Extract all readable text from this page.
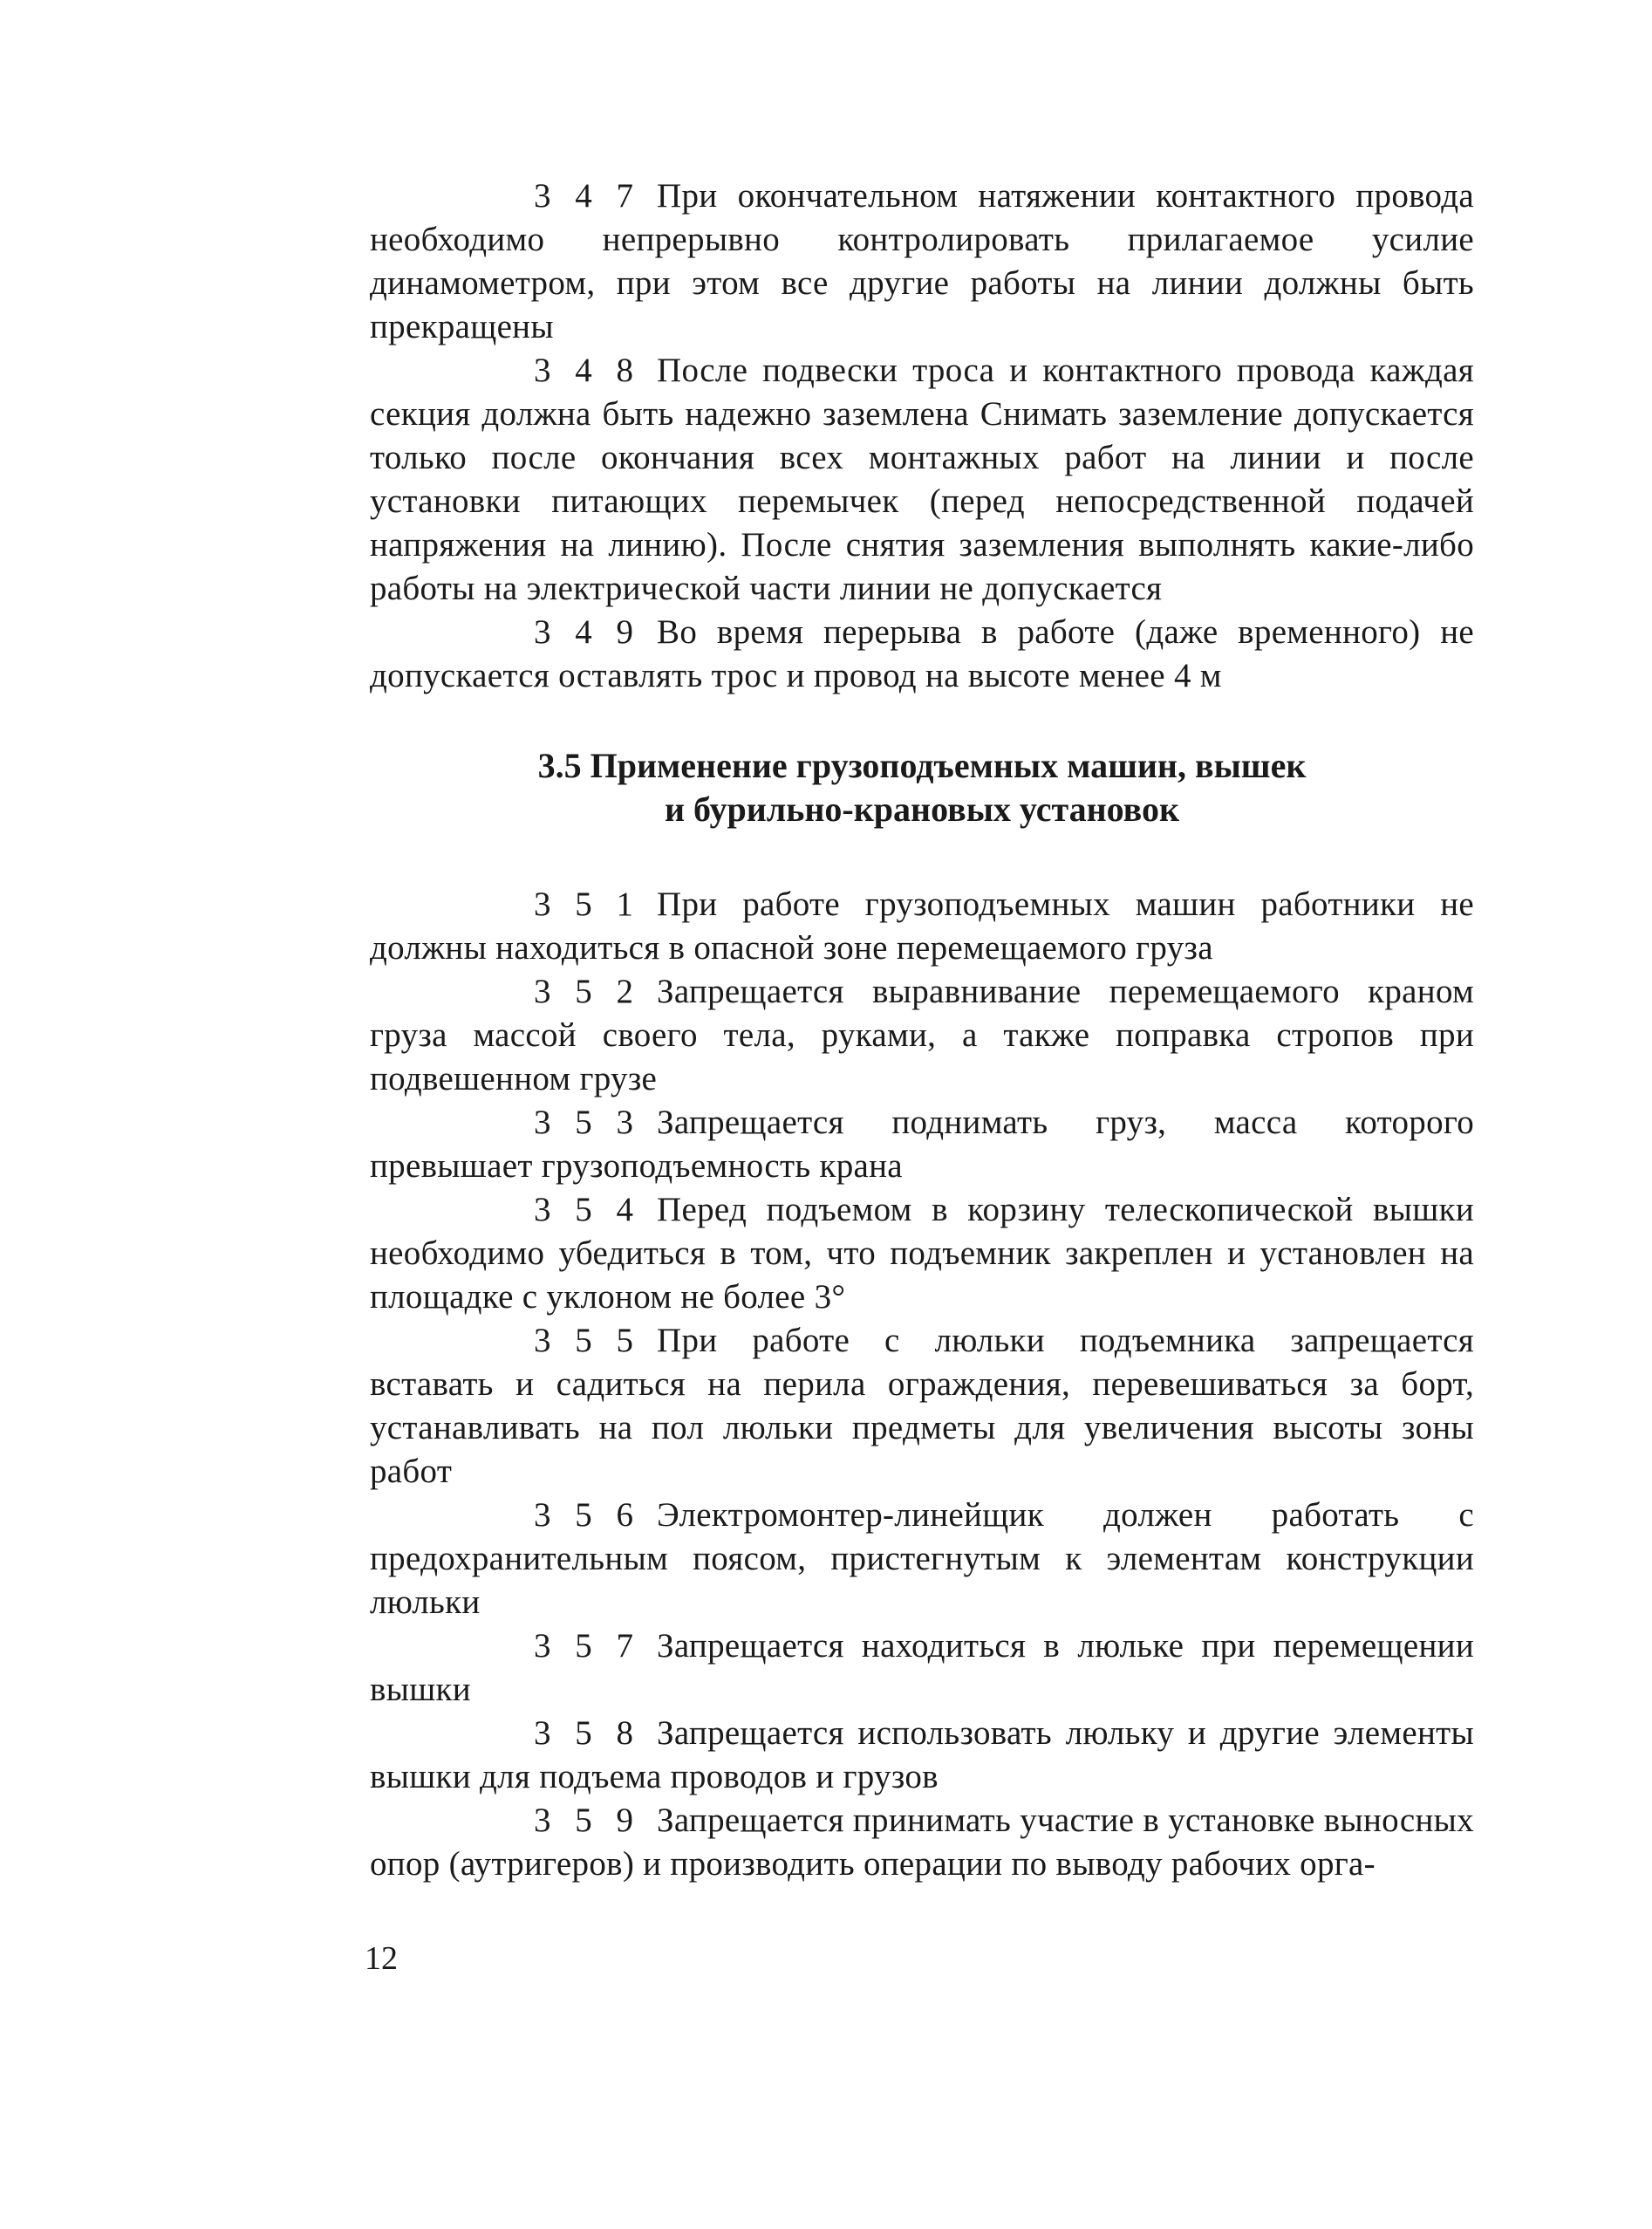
3 4 7 При окончательном натяжении контактного провода необходимо непрерывно контролировать прилагаемое усилие динамометром, при этом все другие работы на линии должны быть прекращены

3 4 8 После подвески троса и контактного провода каждая секция должна быть надежно заземлена Снимать заземление допускается только после окончания всех монтажных работ на линии и после установки питающих перемычек (перед непосредственной подачей напряжения на линию). После снятия заземления выполнять какие-либо работы на электрической части линии не допускается

3 4 9 Во время перерыва в работе (даже временного) не допускается оставлять трос и провод на высоте менее 4 м

3.5 Применение грузоподъемных машин, вышек
и бурильно-крановых установок

3 5 1 При работе грузоподъемных машин работники не должны находиться в опасной зоне перемещаемого груза

3 5 2 Запрещается выравнивание перемещаемого краном груза массой своего тела, руками, а также поправка стропов при подвешенном грузе

3 5 3 Запрещается поднимать груз, масса которого превышает грузоподъемность крана

3 5 4 Перед подъемом в корзину телескопической вышки необходимо убедиться в том, что подъемник закреплен и установлен на площадке с уклоном не более 3°

3 5 5 При работе с люльки подъемника запрещается вставать и садиться на перила ограждения, перевешиваться за борт, устанавливать на пол люльки предметы для увеличения высоты зоны работ

3 5 6 Электромонтер-линейщик должен работать с предохранительным поясом, пристегнутым к элементам конструкции люльки

3 5 7 Запрещается находиться в люльке при перемещении вышки

3 5 8 Запрещается использовать люльку и другие элементы вышки для подъема проводов и грузов

3 5 9 Запрещается принимать участие в установке выносных опор (аутригеров) и производить операции по выводу рабочих орга-

12
